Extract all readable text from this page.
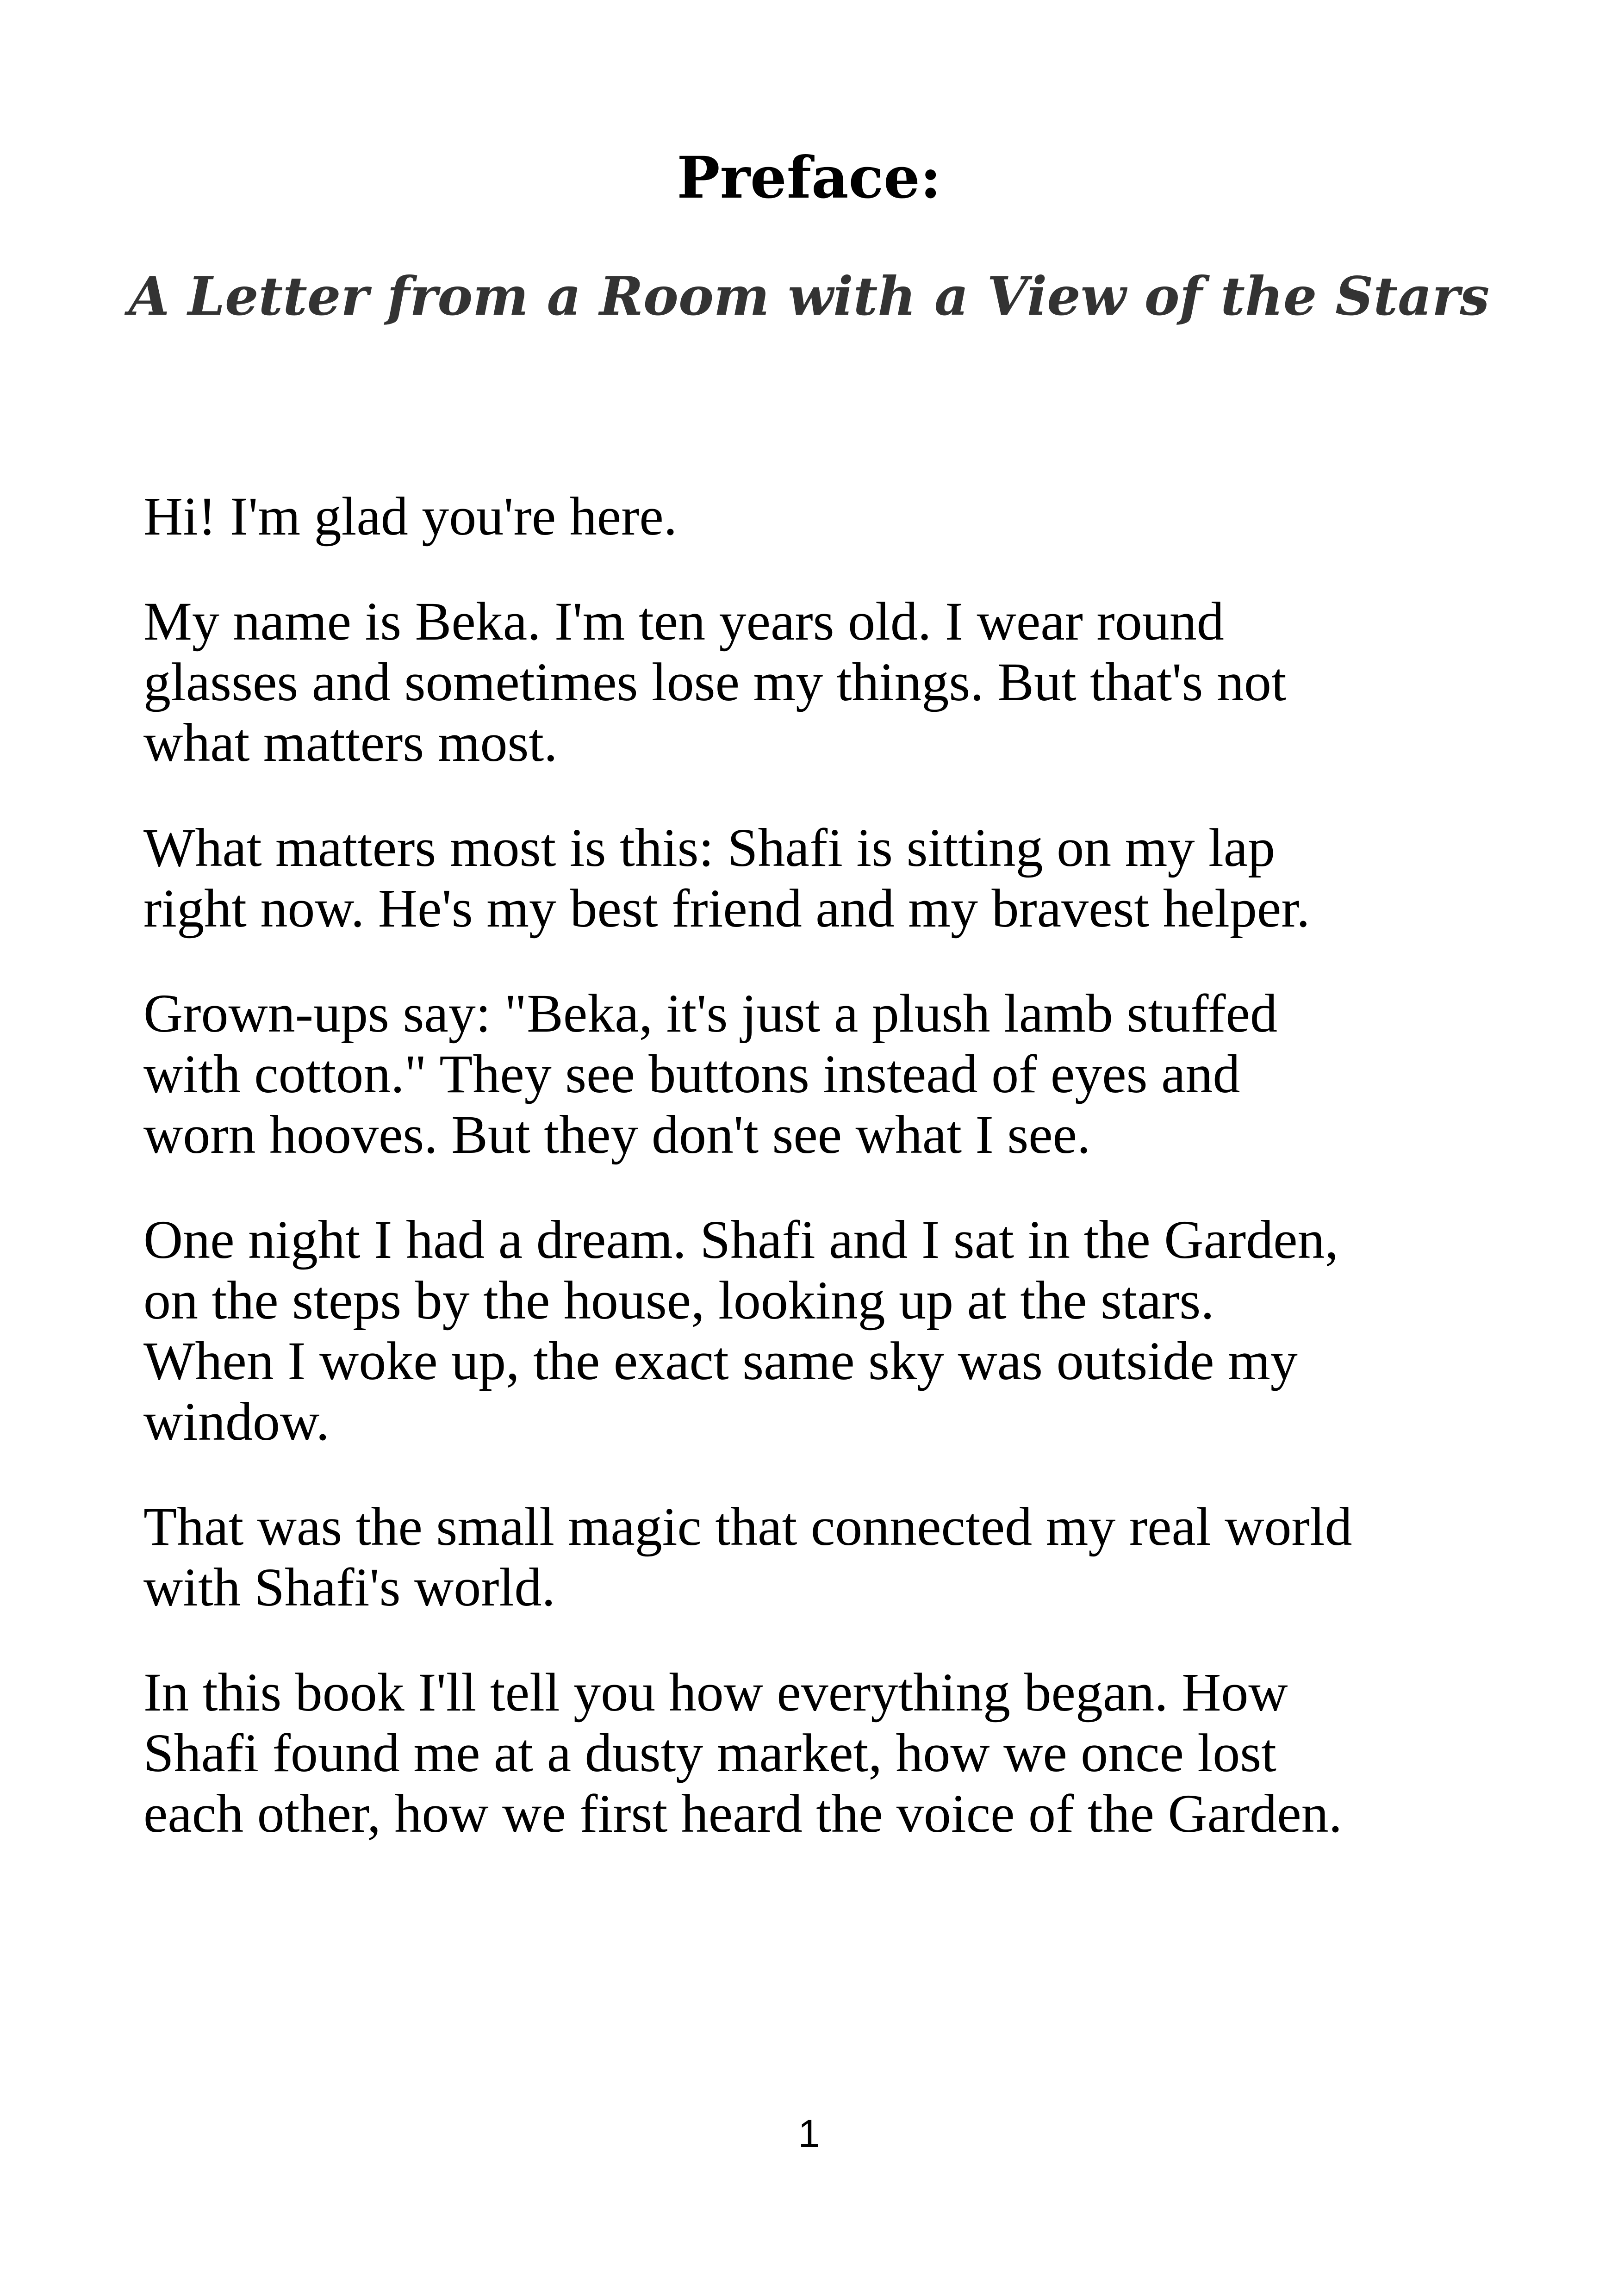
Preface:
A Letter from a Room with a View of the Stars

Hi! I'm glad you're here.

My name is Beka. I'm ten years old. I wear round
glasses and sometimes lose my things. But that's not
what matters most.

What matters most is this: Shafi is sitting on my lap
right now. He's my best friend and my bravest helper.

Grown-ups say: "Beka, it's just a plush lamb stuffed
with cotton." They see buttons instead of eyes and
worn hooves. But they don't see what I see.

One night I had a dream. Shafi and I sat in the Garden,
on the steps by the house, looking up at the stars.
When I woke up, the exact same sky was outside my
window.

That was the small magic that connected my real world
with Shafi's world.

In this book I'll tell you how everything began. How
Shafi found me at a dusty market, how we once lost
each other, how we first heard the voice of the Garden.

1
